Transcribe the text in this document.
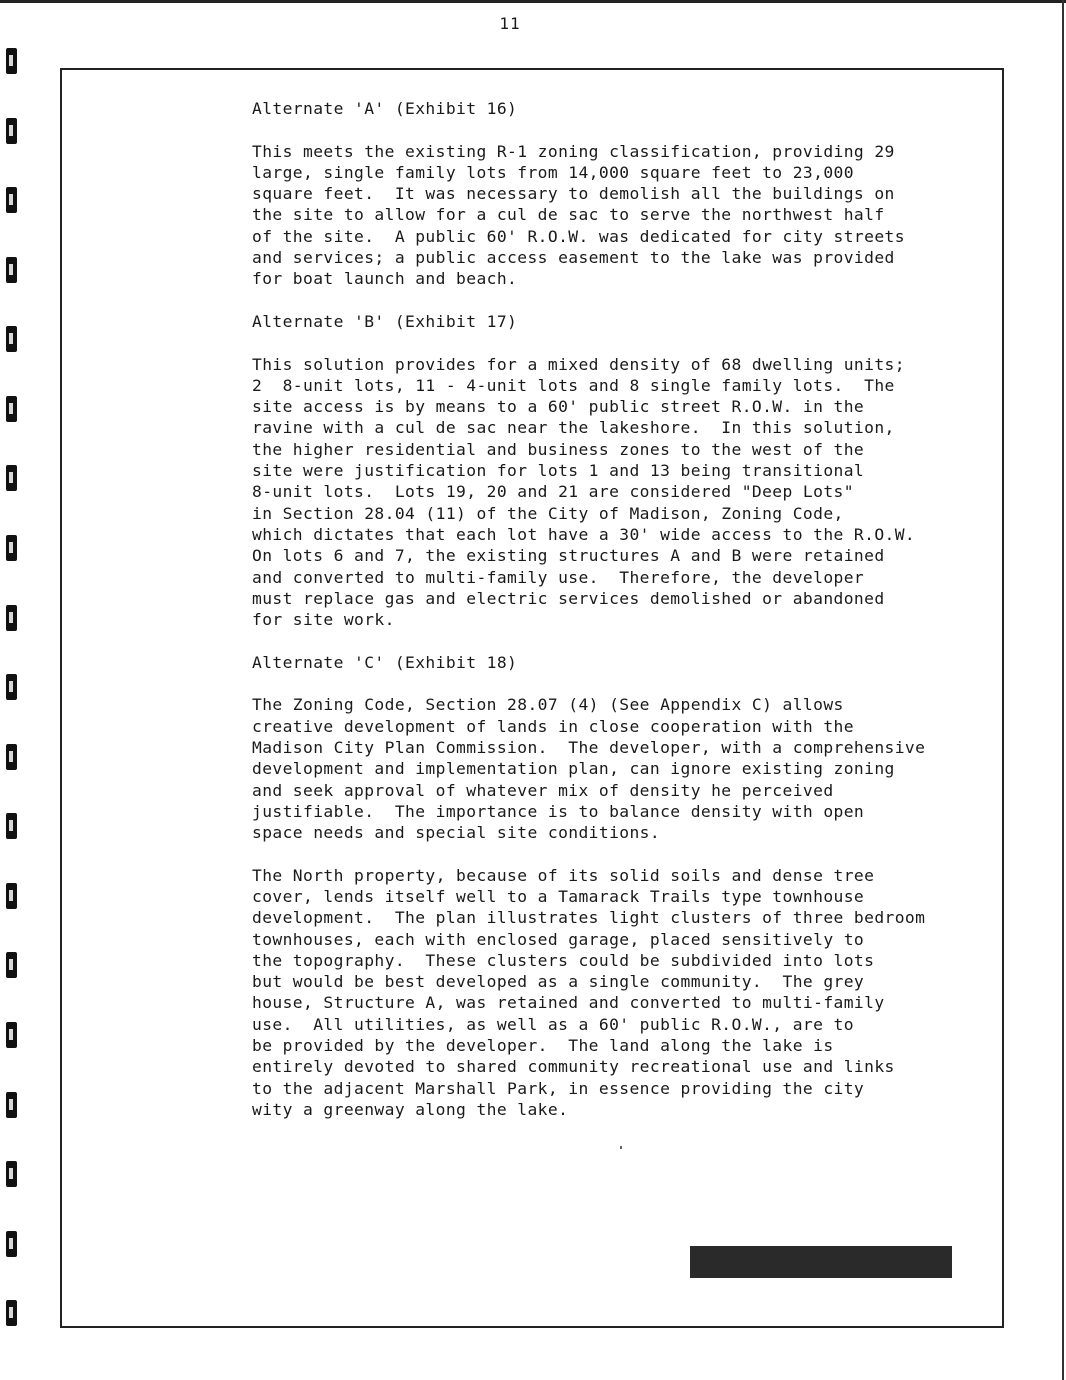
11

Alternate 'A' (Exhibit 16)

This meets the existing R-1 zoning classification, providing 29

large, single family lots from 14,000 square feet to 23,000

square feet.  It was necessary to demolish all the buildings on

the site to allow for a cul de sac to serve the northwest half

of the site.  A public 60' R.O.W. was dedicated for city streets

and services; a public access easement to the lake was provided

for boat launch and beach.

Alternate 'B' (Exhibit 17)

This solution provides for a mixed density of 68 dwelling units;

2  8-unit lots, 11 - 4-unit lots and 8 single family lots.  The

site access is by means to a 60' public street R.O.W. in the

ravine with a cul de sac near the lakeshore.  In this solution,

the higher residential and business zones to the west of the

site were justification for lots 1 and 13 being transitional

8-unit lots.  Lots 19, 20 and 21 are considered "Deep Lots"

in Section 28.04 (11) of the City of Madison, Zoning Code,

which dictates that each lot have a 30' wide access to the R.O.W.

On lots 6 and 7, the existing structures A and B were retained

and converted to multi-family use.  Therefore, the developer

must replace gas and electric services demolished or abandoned

for site work.

Alternate 'C' (Exhibit 18)

The Zoning Code, Section 28.07 (4) (See Appendix C) allows

creative development of lands in close cooperation with the

Madison City Plan Commission.  The developer, with a comprehensive

development and implementation plan, can ignore existing zoning

and seek approval of whatever mix of density he perceived

justifiable.  The importance is to balance density with open

space needs and special site conditions.

The North property, because of its solid soils and dense tree

cover, lends itself well to a Tamarack Trails type townhouse

development.  The plan illustrates light clusters of three bedroom

townhouses, each with enclosed garage, placed sensitively to

the topography.  These clusters could be subdivided into lots

but would be best developed as a single community.  The grey

house, Structure A, was retained and converted to multi-family

use.  All utilities, as well as a 60' public R.O.W., are to

be provided by the developer.  The land along the lake is

entirely devoted to shared community recreational use and links

to the adjacent Marshall Park, in essence providing the city

wity a greenway along the lake.
